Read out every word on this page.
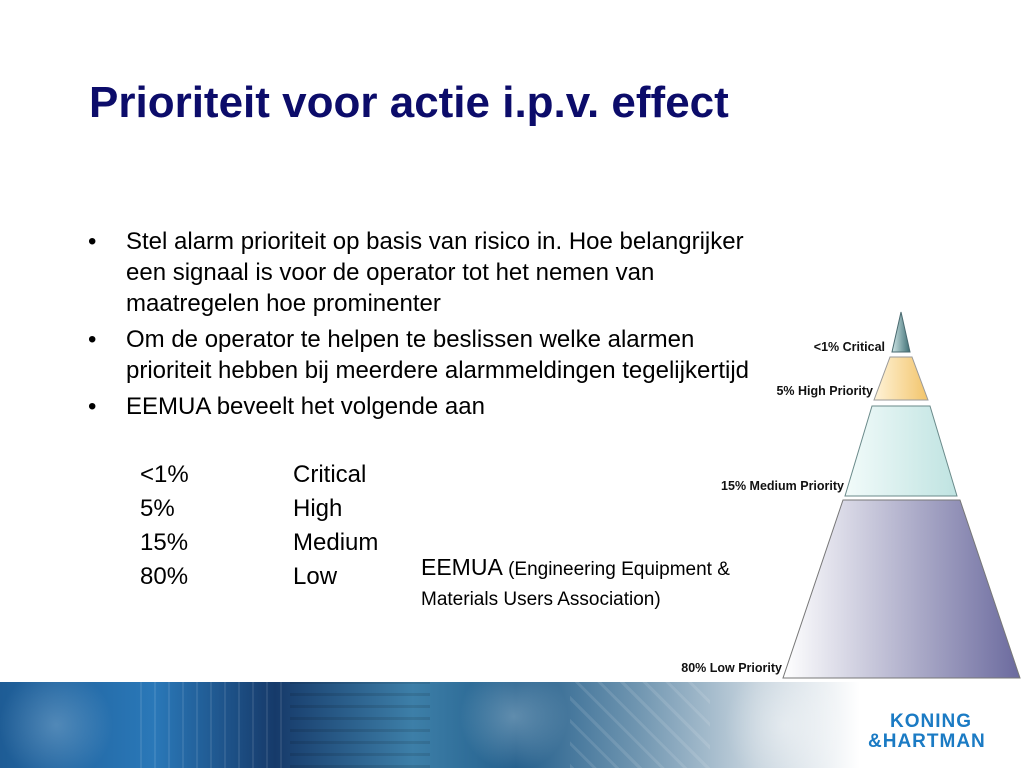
Prioriteit voor actie i.p.v. effect
• Stel alarm prioriteit op basis van risico in. Hoe belangrijker een signaal is voor de operator tot het nemen van maatregelen hoe prominenter
• Om de operator te helpen te beslissen welke alarmen prioriteit hebben bij meerdere alarmmeldingen tegelijkertijd
• EEMUA beveelt het volgende aan
<1%	Critical
5%	High
15%	Medium
80%	Low	EEMUA (Engineering Equipment & Materials Users Association)
<1% Critical
5% High Priority
15% Medium Priority
80% Low Priority
KONING
&HARTMAN
